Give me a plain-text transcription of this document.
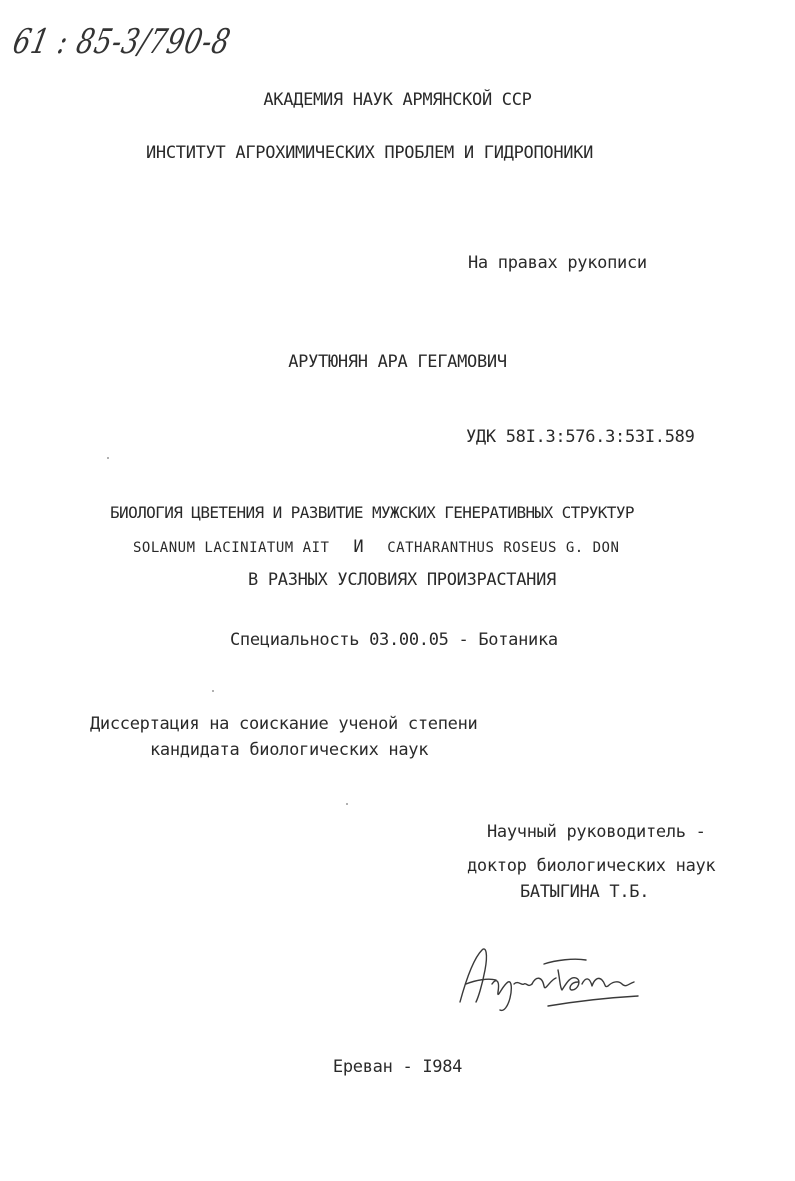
61 : 85-3/790-8
АКАДЕМИЯ НАУК АРМЯНСКОЙ ССР
ИНСТИТУТ АГРОХИМИЧЕСКИХ ПРОБЛЕМ И ГИДРОПОНИКИ
На правах рукописи
АРУТЮНЯН АРА ГЕГАМОВИЧ
УДК 58I.3:576.3:53I.589
БИОЛОГИЯ ЦВЕТЕНИЯ И РАЗВИТИЕ МУЖСКИХ ГЕНЕРАТИВНЫХ СТРУКТУР
SOLANUM LACINIATUM AIT И CATHARANTHUS ROSEUS G. DON
В РАЗНЫХ УСЛОВИЯХ ПРОИЗРАСТАНИЯ
Специальность 03.00.05 - Ботаника
Диссертация на соискание ученой степени
кандидата биологических наук
Научный руководитель -
доктор биологических наук
БАТЫГИНА Т.Б.
Арутюн
Ереван - I984
